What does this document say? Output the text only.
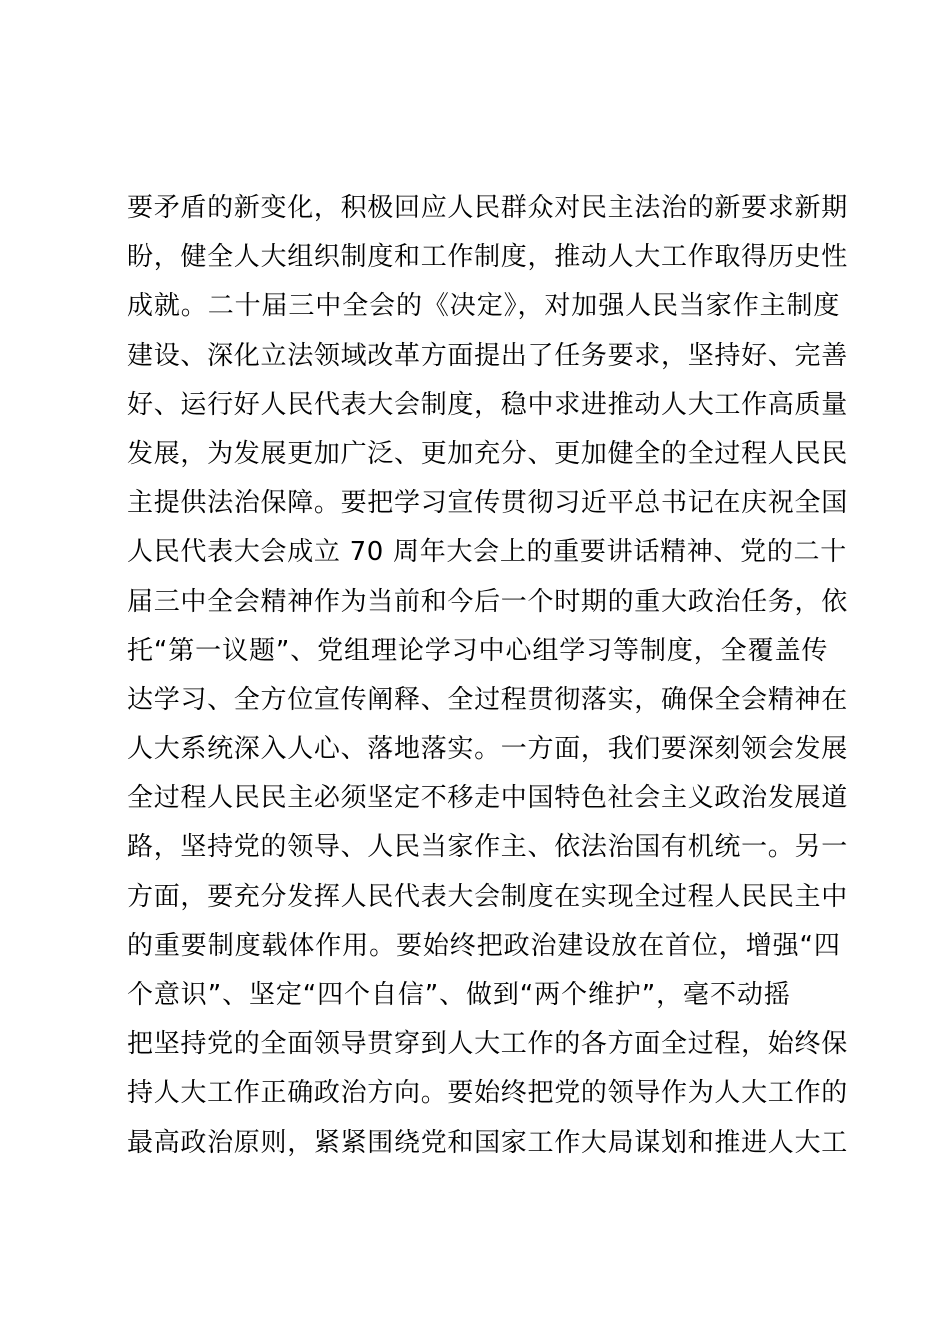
要矛盾的新变化，积极回应人民群众对民主法治的新要求新期
盼，健全人大组织制度和工作制度，推动人大工作取得历史性
成就。二十届三中全会的《决定》，对加强人民当家作主制度
建设、深化立法领域改革方面提出了任务要求，坚持好、完善
好、运行好人民代表大会制度，稳中求进推动人大工作高质量
发展，为发展更加广泛、更加充分、更加健全的全过程人民民
主提供法治保障。要把学习宣传贯彻习近平总书记在庆祝全国
人民代表大会成立 70 周年大会上的重要讲话精神、党的二十
届三中全会精神作为当前和今后一个时期的重大政治任务，依
托“第一议题”、党组理论学习中心组学习等制度，全覆盖传
达学习、全方位宣传阐释、全过程贯彻落实，确保全会精神在
人大系统深入人心、落地落实。一方面，我们要深刻领会发展
全过程人民民主必须坚定不移走中国特色社会主义政治发展道
路，坚持党的领导、人民当家作主、依法治国有机统一。另一
方面，要充分发挥人民代表大会制度在实现全过程人民民主中
的重要制度载体作用。要始终把政治建设放在首位，增强“四
个意识”、坚定“四个自信”、做到“两个维护”，毫不动摇
把坚持党的全面领导贯穿到人大工作的各方面全过程，始终保
持人大工作正确政治方向。要始终把党的领导作为人大工作的
最高政治原则，紧紧围绕党和国家工作大局谋划和推进人大工
